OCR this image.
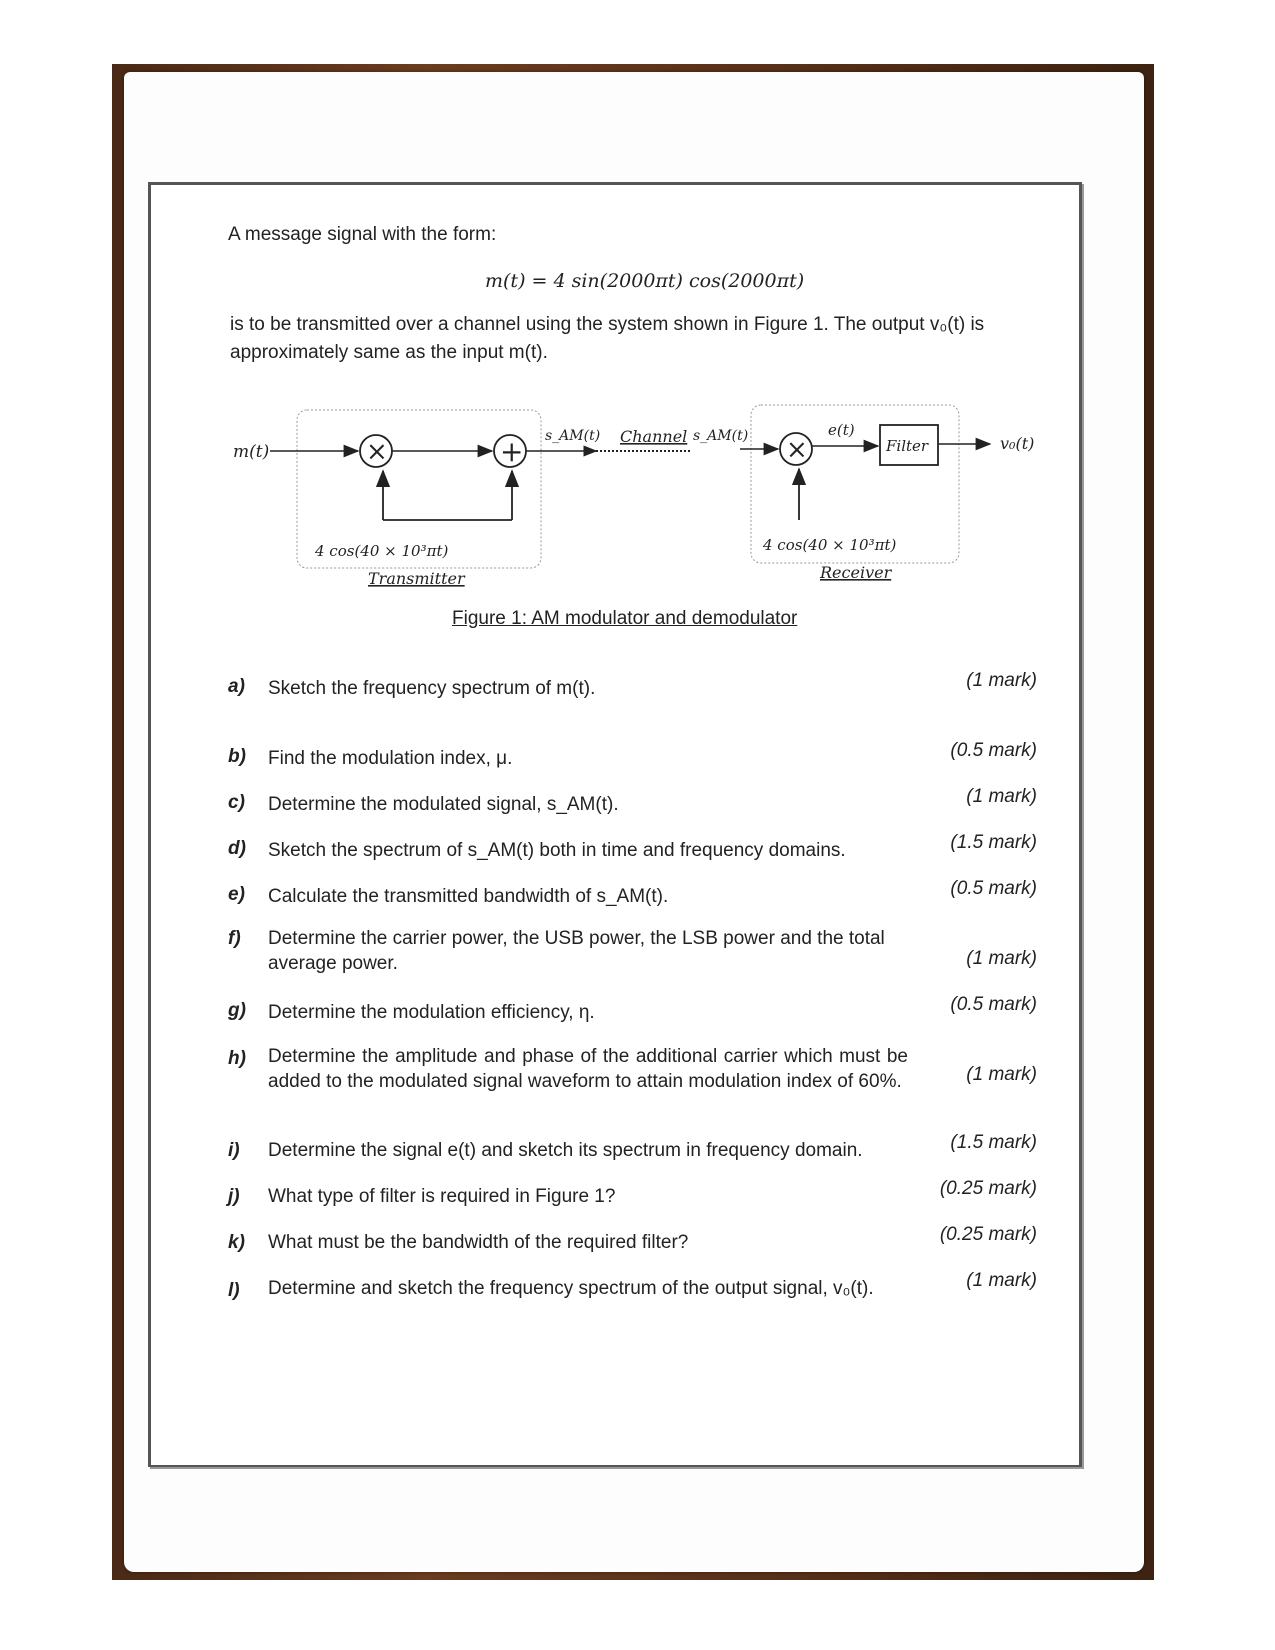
A message signal with the form:
m(t) = 4 sin(2000πt) cos(2000πt)
is to be transmitted over a channel using the system shown in Figure 1. The output v₀(t) is
approximately same as the input m(t).
m(t)	×	+
4 cos(40 × 10³πt)
Transmitter
s_AM(t) Channel s_AM(t) ×
4 cos(40 × 10³πt)
Receiver
e(t)
Filter	v₀(t)
Figure 1: AM modulator and demodulator
a) Sketch the frequency spectrum of m(t).	(1 mark)
b) Find the modulation index, μ.	(0.5 mark)
c) Determine the modulated signal, s_AM(t).	(1 mark)
d) Sketch the spectrum of s_AM(t) both in time and frequency domains.	(1.5 mark)
e) Calculate the transmitted bandwidth of s_AM(t).	(0.5 mark)
f) Determine the carrier power, the USB power, the LSB power and the total average power.	(1 mark)
g) Determine the modulation efficiency, η.	(0.5 mark)
h) Determine the amplitude and phase of the additional carrier which must be added to the modulated signal waveform to attain modulation index of 60%.	(1 mark)
i) Determine the signal e(t) and sketch its spectrum in frequency domain.	(1.5 mark)
j) What type of filter is required in Figure 1?	(0.25 mark)
k) What must be the bandwidth of the required filter?	(0.25 mark)
l) Determine and sketch the frequency spectrum of the output signal, v₀(t).	(1 mark)
